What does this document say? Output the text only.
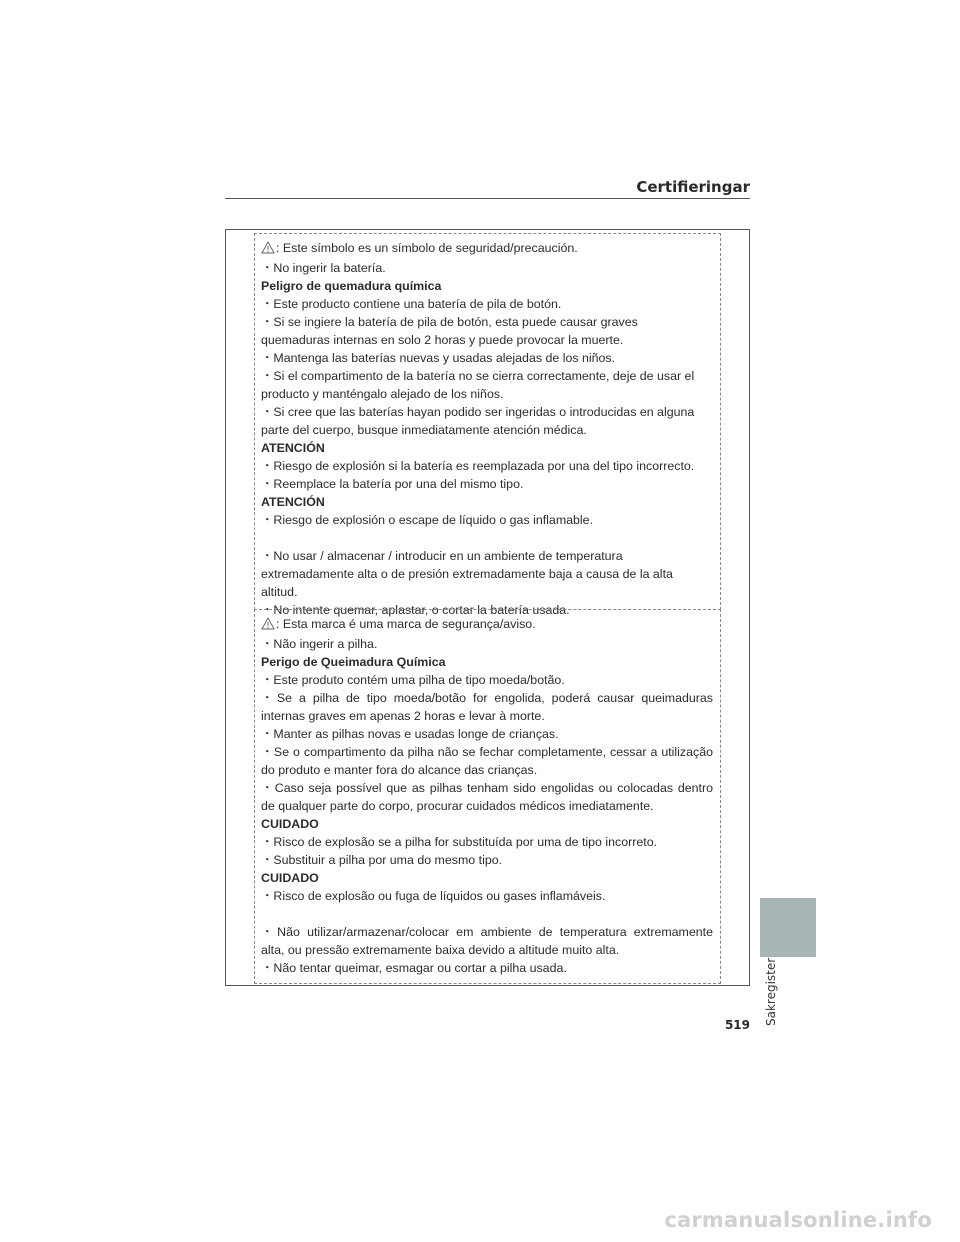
Certifieringar
: Este símbolo es un símbolo de seguridad/precaución.
・No ingerir la batería.
Peligro de quemadura química
・Este producto contiene una batería de pila de botón.
・Si se ingiere la batería de pila de botón, esta puede causar graves
quemaduras internas en solo 2 horas y puede provocar la muerte.
・Mantenga las baterías nuevas y usadas alejadas de los niños.
・Si el compartimento de la batería no se cierra correctamente, deje de usar el
producto y manténgalo alejado de los niños.
・Si cree que las baterías hayan podido ser ingeridas o introducidas en alguna
parte del cuerpo, busque inmediatamente atención médica.
ATENCIÓN
・Riesgo de explosión si la batería es reemplazada por una del tipo incorrecto.
・Reemplace la batería por una del mismo tipo.
ATENCIÓN
・Riesgo de explosión o escape de líquido o gas inflamable.
・No usar / almacenar / introducir en un ambiente de temperatura
extremadamente alta o de presión extremadamente baja a causa de la alta
altitud.
・No intente quemar, aplastar, o cortar la batería usada.
: Esta marca é uma marca de segurança/aviso.
・Não ingerir a pilha.
Perigo de Queimadura Química
・Este produto contém uma pilha de tipo moeda/botão.
・Se a pilha de tipo moeda/botão for engolida, poderá causar queimaduras internas graves em apenas 2 horas e levar à morte.
・Manter as pilhas novas e usadas longe de crianças.
・Se o compartimento da pilha não se fechar completamente, cessar a utilização do produto e manter fora do alcance das crianças.
・Caso seja possível que as pilhas tenham sido engolidas ou colocadas dentro de qualquer parte do corpo, procurar cuidados médicos imediatamente.
CUIDADO
・Risco de explosão se a pilha for substituída por uma de tipo incorreto.
・Substituir a pilha por uma do mesmo tipo.
CUIDADO
・Risco de explosão ou fuga de líquidos ou gases inflamáveis.
・Não utilizar/armazenar/colocar em ambiente de temperatura extremamente alta, ou pressão extremamente baixa devido a altitude muito alta.
・Não tentar queimar, esmagar ou cortar a pilha usada.	Sakregister
519
carmanualsonline.info
